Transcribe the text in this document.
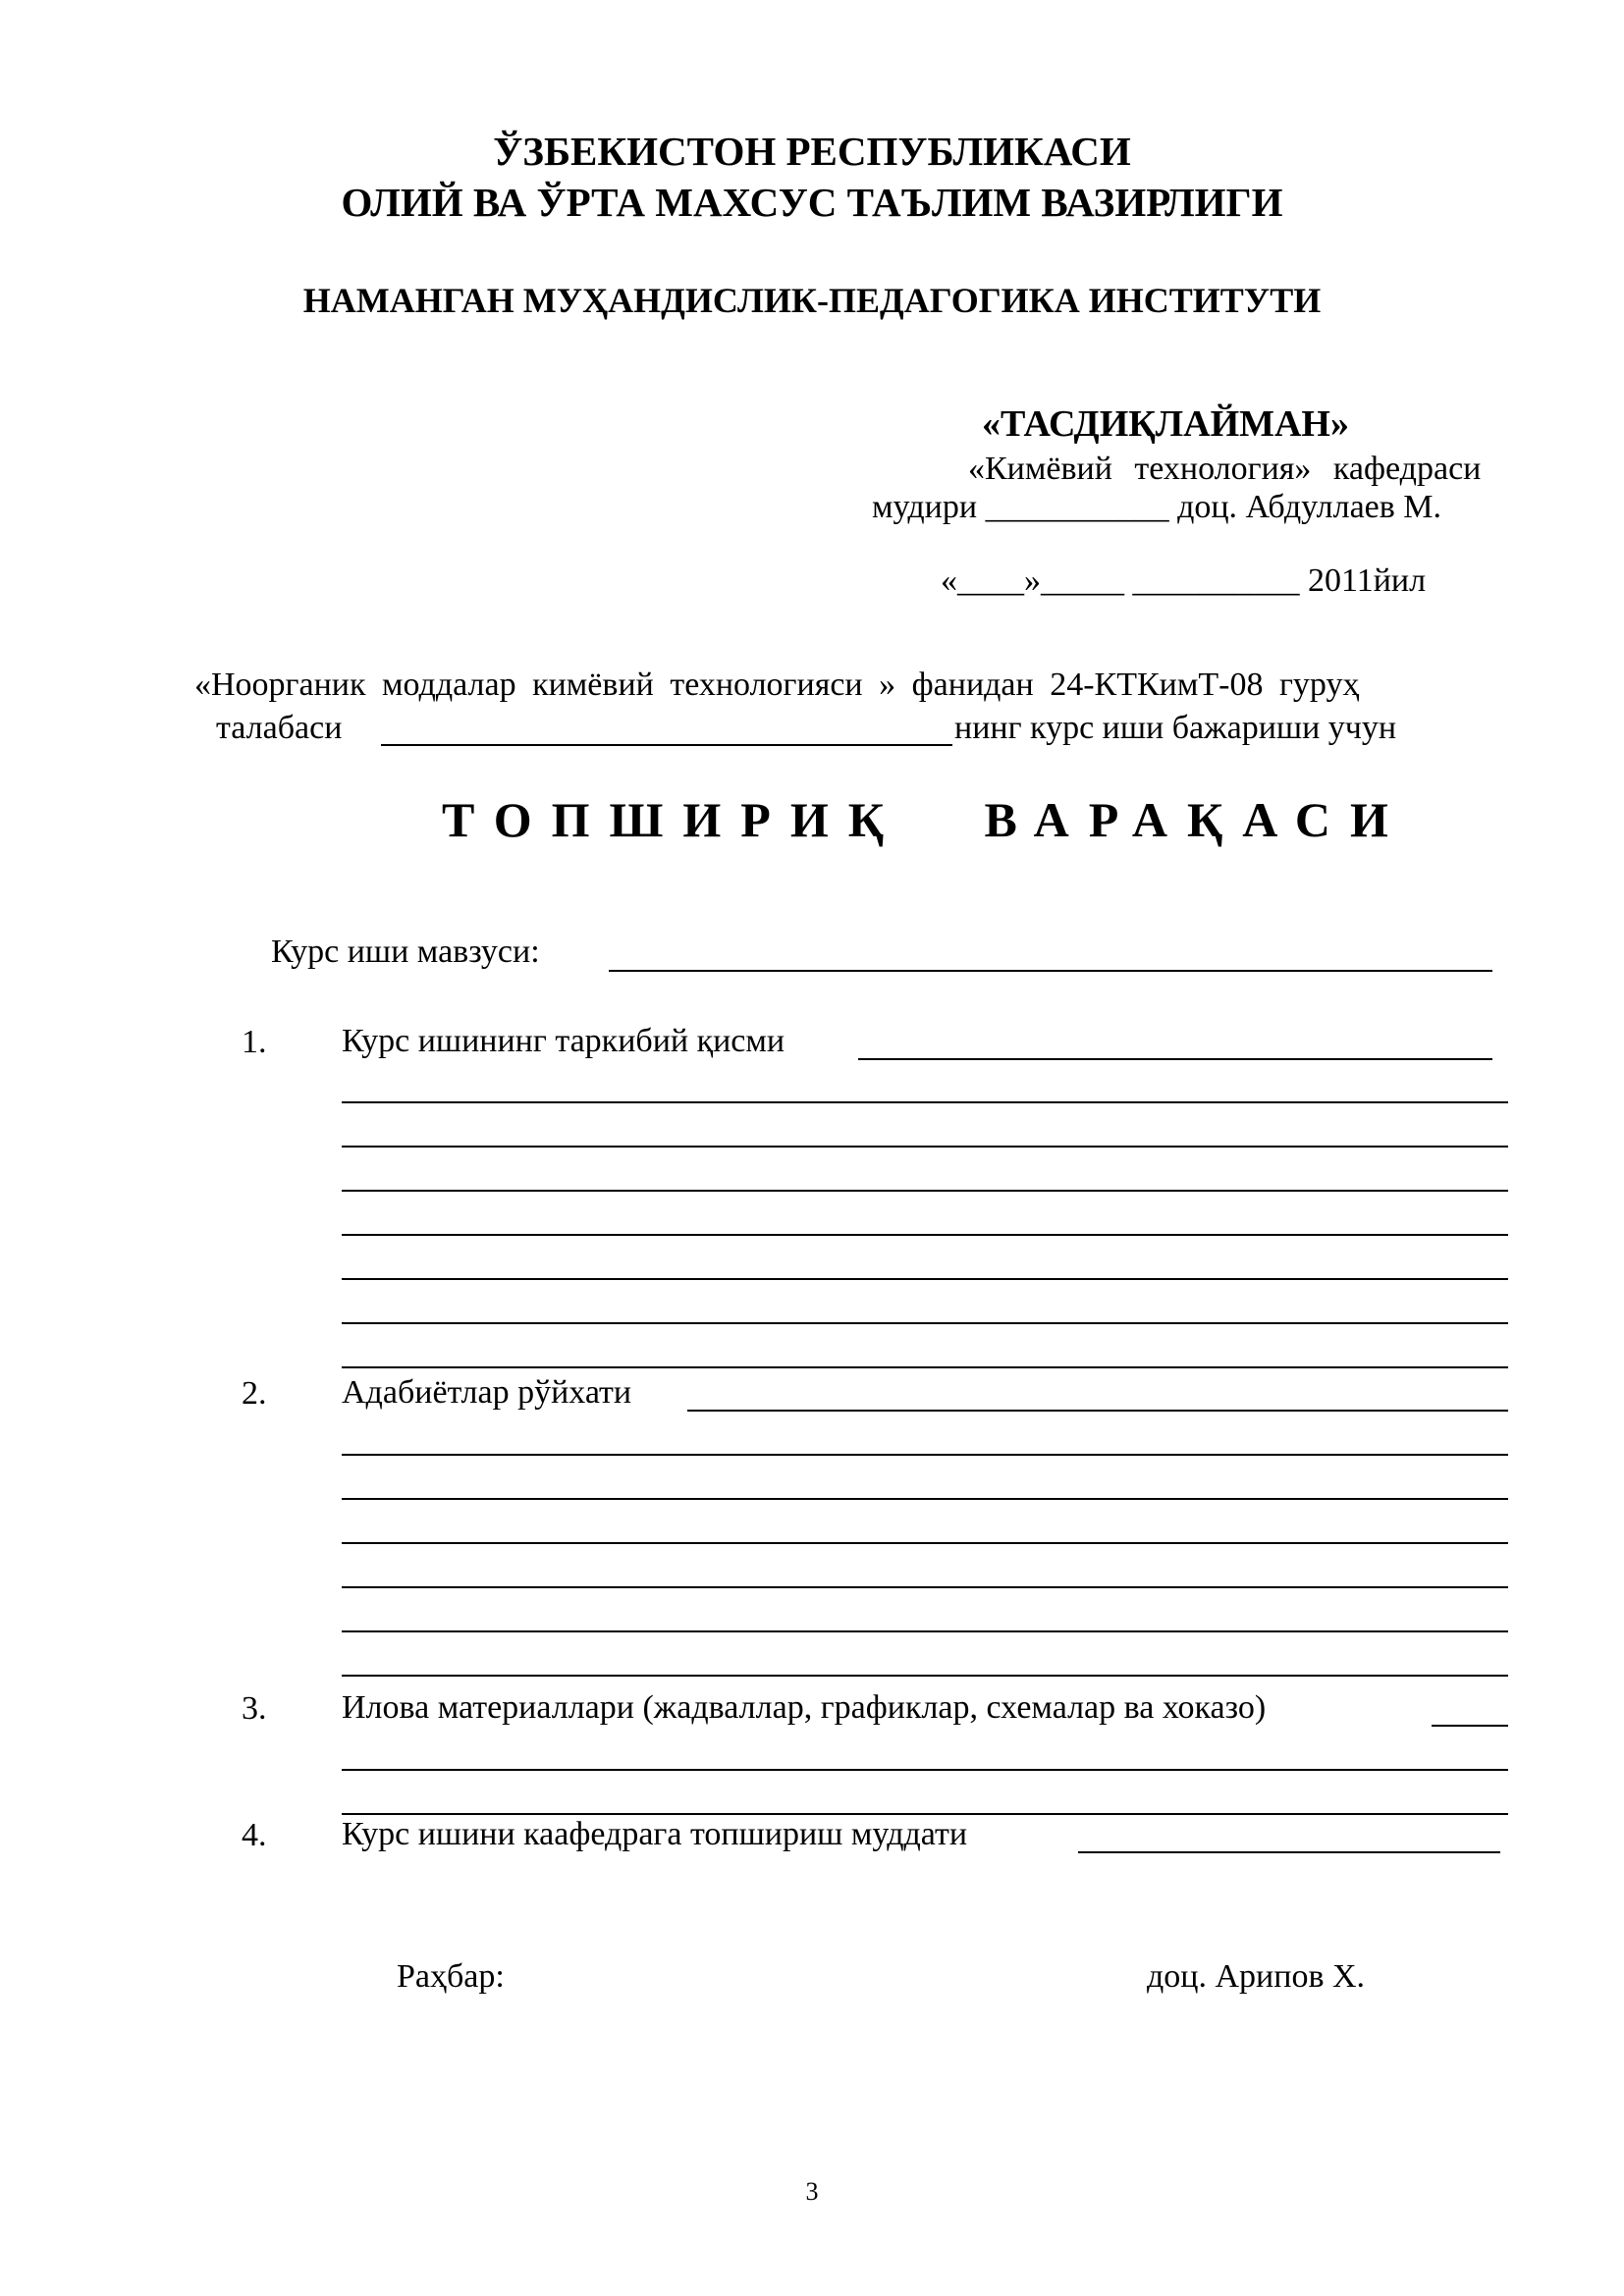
ЎЗБЕКИСТОН РЕСПУБЛИКАСИ
ОЛИЙ ВА ЎРТА МАХСУС ТАЪЛИМ ВАЗИРЛИГИ
НАМАНГАН МУҲАНДИСЛИК-ПЕДАГОГИКА ИНСТИТУТИ
«ТАСДИҚЛАЙМАН»
«Кимёвий технология» кафедраси
мудири ___________ доц. Абдуллаев М.
«____»_____ __________ 2011йил
«Ноорганик моддалар кимёвий технологияси » фанидан 24-КТКимТ-08 гуруҳ
талабаси	нинг курс иши бажариши учун
ТОПШИРИҚ ВАРАҚАСИ
Курс иши мавзуси:
1. Курс ишининг таркибий қисми
2. Адабиётлар рўйхати
3. Илова материаллари (жадваллар, графиклар, схемалар ва хоказо)
4. Курс ишини каафедрага топшириш муддати
Раҳбар:	доц. Арипов Х.
3
